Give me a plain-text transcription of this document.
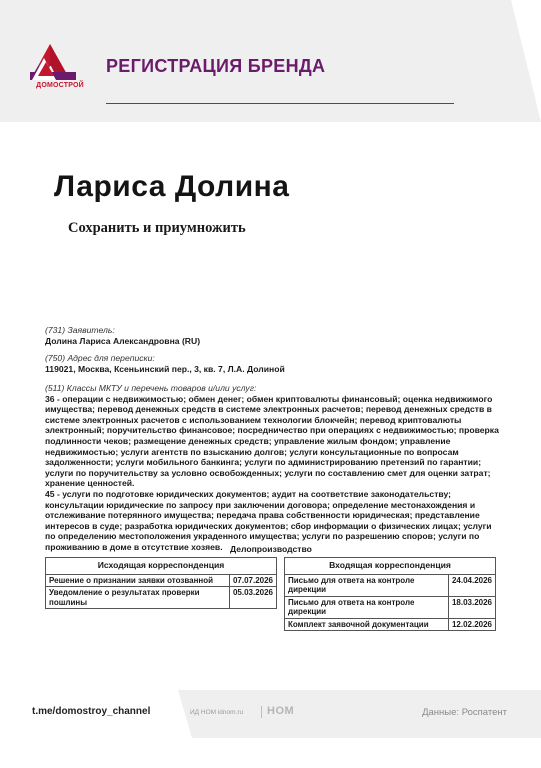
ДОМОСТРОЙ
РЕГИСТРАЦИЯ БРЕНДА
Лариса Долина
Сохранить и приумножить
(731) Заявитель:
Долина Лариса Александровна (RU)
(750) Адрес для переписки:
119021, Москва, Ксеньинский пер., 3, кв. 7, Л.А. Долиной
(511) Классы МКТУ и перечень товаров и/или услуг:
36 - операции с недвижимостью; обмен денег; обмен криптовалюты финансовый; оценка недвижимого имущества; перевод денежных средств в системе электронных расчетов; перевод денежных средств в системе электронных расчетов с использованием технологии блокчейн; перевод криптовалюты электронный; поручительство финансовое; посредничество при операциях с недвижимостью; проверка подлинности чеков; размещение денежных средств; управление жилым фондом; управление недвижимостью; услуги агентств по взысканию долгов; услуги консультационные по вопросам задолженности; услуги мобильного банкинга; услуги по администрированию претензий по гарантии; услуги по поручительству за условно освобожденных; услуги по составлению смет для оценки затрат; хранение ценностей.
45 - услуги по подготовке юридических документов; аудит на соответствие законодательству; консультации юридические по запросу при заключении договора; определение местонахождения и отслеживание потерянного имущества; передача права собственности юридическая; представление интересов в суде; разработка юридических документов; сбор информации о физических лицах; услуги по определению местоположения украденного имущества; услуги по разрешению споров; услуги по проживанию в доме в отсутствие хозяев. Делопроизводство
Исходящая корреспонденция	
Решение о признании заявки отозванной	07.07.2026
Уведомление о результатах проверки пошлины	05.03.2026
Входящая корреспонденция	
Письмо для ответа на контроле дирекции	24.04.2026
Письмо для ответа на контроле дирекции	18.03.2026
Комплект заявочной документации	12.02.2026
t.me/domostroy_channel	ИД НОМ idnom.ru НОМ	Данные: Роспатент
